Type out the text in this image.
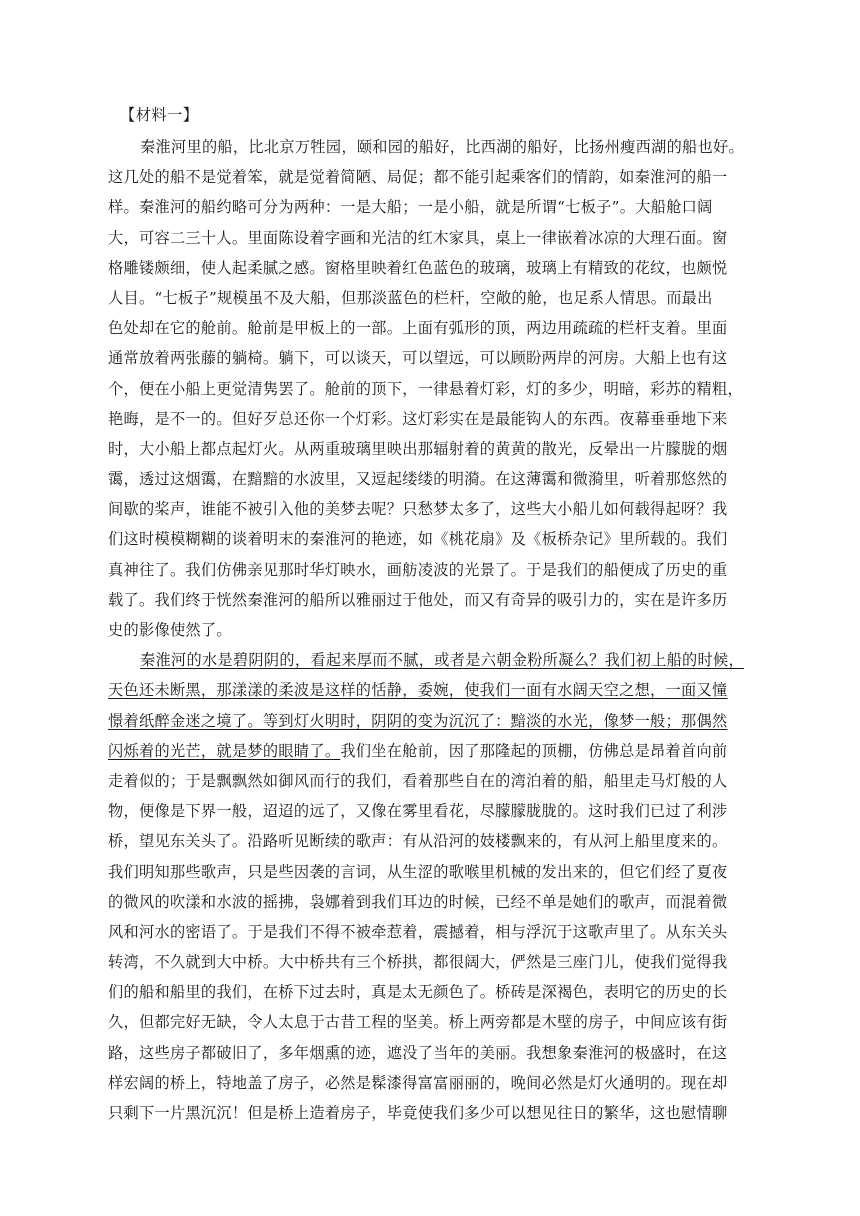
【材料一】
秦淮河里的船，比北京万牲园，颐和园的船好，比西湖的船好，比扬州瘦西湖的船也好。
这几处的船不是觉着笨，就是觉着简陋、局促；都不能引起乘客们的情韵，如秦淮河的船一
样。秦淮河的船约略可分为两种：一是大船；一是小船，就是所谓“七板子”。大船舱口阔
大，可容二三十人。里面陈设着字画和光洁的红木家具，桌上一律嵌着冰凉的大理石面。窗
格雕镂颇细，使人起柔腻之感。窗格里映着红色蓝色的玻璃，玻璃上有精致的花纹，也颇悦
人目。“七板子”规模虽不及大船，但那淡蓝色的栏杆，空敞的舱，也足系人情思。而最出
色处却在它的舱前。舱前是甲板上的一部。上面有弧形的顶，两边用疏疏的栏杆支着。里面
通常放着两张藤的躺椅。躺下，可以谈天，可以望远，可以顾盼两岸的河房。大船上也有这
个，便在小船上更觉清隽罢了。舱前的顶下，一律悬着灯彩，灯的多少，明暗，彩苏的精粗，
艳晦，是不一的。但好歹总还你一个灯彩。这灯彩实在是最能钩人的东西。夜幕垂垂地下来
时，大小船上都点起灯火。从两重玻璃里映出那辐射着的黄黄的散光，反晕出一片朦胧的烟
霭，透过这烟霭，在黯黯的水波里，又逗起缕缕的明漪。在这薄霭和微漪里，听着那悠然的
间歇的桨声，谁能不被引入他的美梦去呢？只愁梦太多了，这些大小船儿如何载得起呀？我
们这时模模糊糊的谈着明末的秦淮河的艳迹，如《桃花扇》及《板桥杂记》里所载的。我们
真神往了。我们仿佛亲见那时华灯映水，画舫凌波的光景了。于是我们的船便成了历史的重
载了。我们终于恍然秦淮河的船所以雅丽过于他处，而又有奇异的吸引力的，实在是许多历
史的影像使然了。
秦淮河的水是碧阴阴的，看起来厚而不腻，或者是六朝金粉所凝么？我们初上船的时候，
天色还未断黑，那漾漾的柔波是这样的恬静，委婉，使我们一面有水阔天空之想，一面又憧
憬着纸醉金迷之境了。等到灯火明时，阴阴的变为沉沉了：黯淡的水光，像梦一般；那偶然
闪烁着的光芒，就是梦的眼睛了。我们坐在舱前，因了那隆起的顶棚，仿佛总是昂着首向前
走着似的；于是飘飘然如御风而行的我们，看着那些自在的湾泊着的船，船里走马灯般的人
物，便像是下界一般，迢迢的远了，又像在雾里看花，尽朦朦胧胧的。这时我们已过了利涉
桥，望见东关头了。沿路听见断续的歌声：有从沿河的妓楼飘来的，有从河上船里度来的。
我们明知那些歌声，只是些因袭的言词，从生涩的歌喉里机械的发出来的，但它们经了夏夜
的微风的吹漾和水波的摇拂，袅娜着到我们耳边的时候，已经不单是她们的歌声，而混着微
风和河水的密语了。于是我们不得不被牵惹着，震撼着，相与浮沉于这歌声里了。从东关头
转湾，不久就到大中桥。大中桥共有三个桥拱，都很阔大，俨然是三座门儿，使我们觉得我
们的船和船里的我们，在桥下过去时，真是太无颜色了。桥砖是深褐色，表明它的历史的长
久，但都完好无缺，令人太息于古昔工程的坚美。桥上两旁都是木壁的房子，中间应该有街
路，这些房子都破旧了，多年烟熏的迹，遮没了当年的美丽。我想象秦淮河的极盛时，在这
样宏阔的桥上，特地盖了房子，必然是髹漆得富富丽丽的，晚间必然是灯火通明的。现在却
只剩下一片黑沉沉！但是桥上造着房子，毕竟使我们多少可以想见往日的繁华，这也慰情聊
